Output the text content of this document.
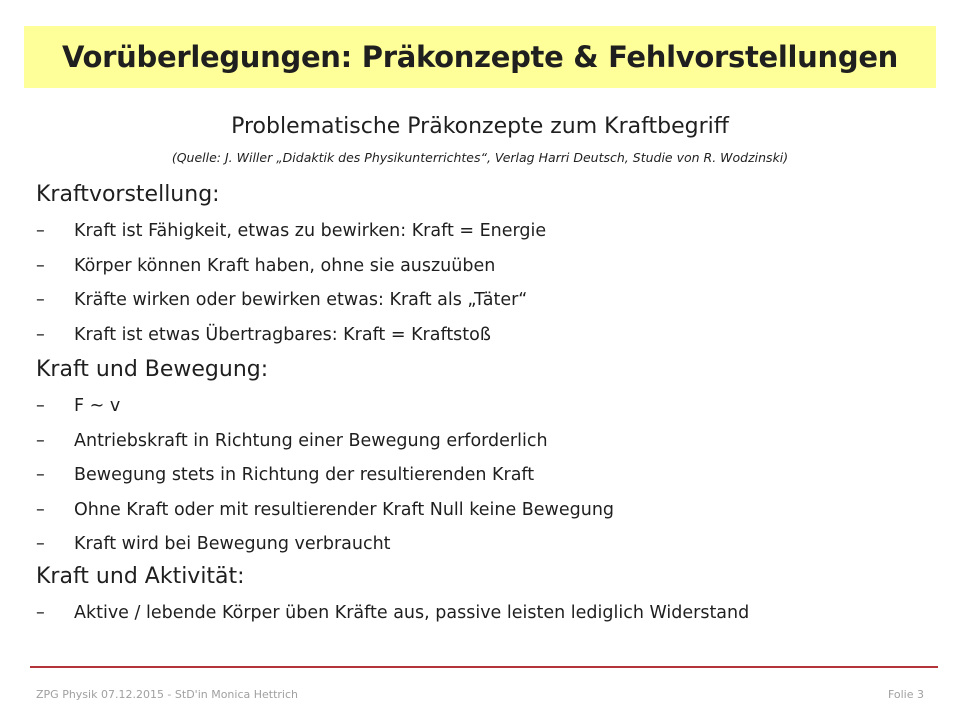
Vorüberlegungen: Präkonzepte & Fehlvorstellungen
Problematische Präkonzepte zum Kraftbegriff
(Quelle: J. Willer „Didaktik des Physikunterrichtes“, Verlag Harri Deutsch, Studie von R. Wodzinski)
Kraftvorstellung:
–	Kraft ist Fähigkeit, etwas zu bewirken: Kraft = Energie
–	Körper können Kraft haben, ohne sie auszuüben
–	Kräfte wirken oder bewirken etwas: Kraft als „Täter“
–	Kraft ist etwas Übertragbares: Kraft = Kraftstoß
Kraft und Bewegung:
–	F ~ v
–	Antriebskraft in Richtung einer Bewegung erforderlich
–	Bewegung stets in Richtung der resultierenden Kraft
–	Ohne Kraft oder mit resultierender Kraft Null keine Bewegung
–	Kraft wird bei Bewegung verbraucht
Kraft und Aktivität:
–	Aktive / lebende Körper üben Kräfte aus, passive leisten lediglich Widerstand
ZPG Physik 07.12.2015 - StD'in Monica Hettrich	Folie 3
